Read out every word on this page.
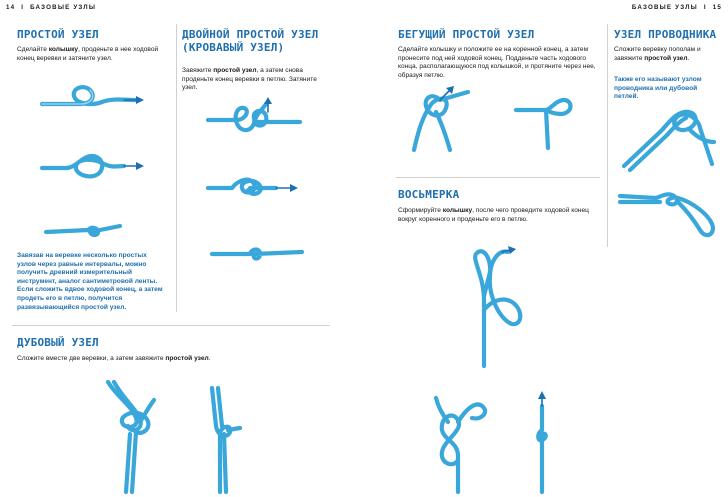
14 I БАЗОВЫЕ УЗЛЫ	БАЗОВЫЕ УЗЛЫ I 15
ПРОСТОЙ УЗЕЛ
Сделайте колышку, проденьте в нее ходовой конец веревки и затяните узел.
Завязав на веревке несколько простых узлов через равные интервалы, можно получить древний измерительный инструмент, аналог сантиметровой ленты. Если сложить вдвое ходовой конец, а затем продеть его в петлю, получится развязывающийся простой узел.
ДВОЙНОЙ ПРОСТОЙ УЗЕЛ
(КРОВАВЫЙ УЗЕЛ)
Завяжите простой узел, а затем снова проденьте конец веревки в петлю. Затяните узел.
ДУБОВЫЙ УЗЕЛ
Сложите вместе две веревки, а затем завяжите простой узел.
БЕГУЩИЙ ПРОСТОЙ УЗЕЛ
Сделайте колышку и положите ее на коренной конец, а затем пронесите под ней ходовой конец. Подденьте часть ходового конца, располагающуюся под колышкой, и протяните через нее, образуя петлю.
ВОСЬМЕРКА
Сформируйте колышку, после чего проведите ходовой конец вокруг коренного и проденьте его в петлю.
УЗЕЛ ПРОВОДНИКА
Сложите веревку пополам и завяжите простой узел.
Также его называют узлом проводника или дубовой петлей.
